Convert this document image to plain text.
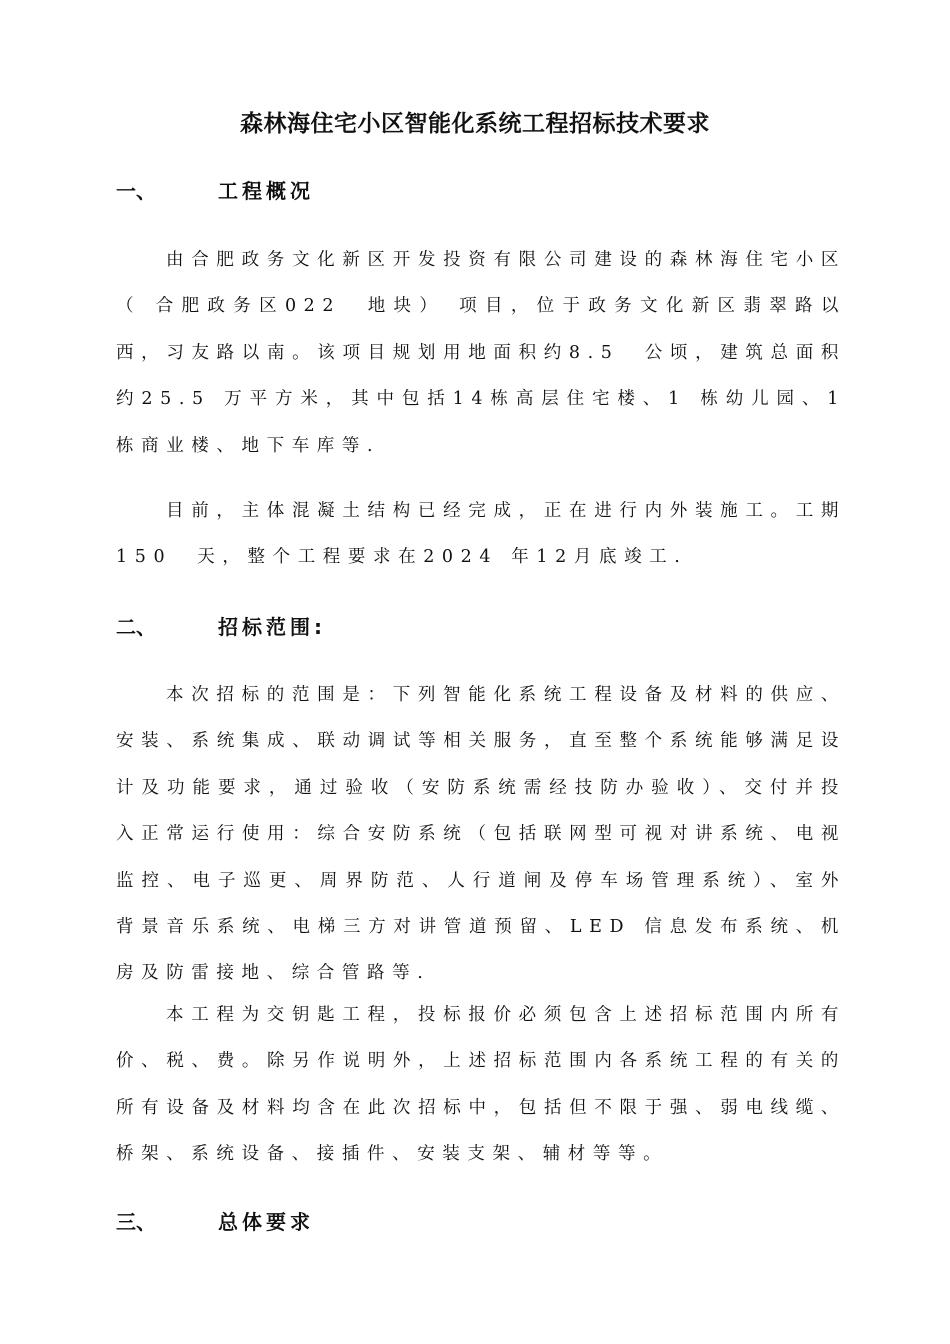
森林海住宅小区智能化系统工程招标技术要求
一、	工程概况
由合肥政务文化新区开发投资有限公司建设的森林海住宅小区（ 合肥政务区022　地块） 项目，位于政务文化新区翡翠路以西，习友路以南。该项目规划用地面积约8.5　公顷，建筑总面积约25.5 万平方米，其中包括14栋高层住宅楼、1 栋幼儿园、1 栋商业楼、地下车库等.
目前，主体混凝土结构已经完成，正在进行内外装施工。工期150　天，整个工程要求在2024 年12月底竣工.
二、	招标范围:
本次招标的范围是：下列智能化系统工程设备及材料的供应、安装、系统集成、联动调试等相关服务，直至整个系统能够满足设计及功能要求，通过验收（安防系统需经技防办验收）、交付并投入正常运行使用：综合安防系统（包括联网型可视对讲系统、电视监控、电子巡更、周界防范、人行道闸及停车场管理系统）、室外背景音乐系统、电梯三方对讲管道预留、LED 信息发布系统、机房及防雷接地、综合管路等.
本工程为交钥匙工程，投标报价必须包含上述招标范围内所有价、税、费。除另作说明外，上述招标范围内各系统工程的有关的所有设备及材料均含在此次招标中，包括但不限于强、弱电线缆、桥架、系统设备、接插件、安装支架、辅材等等。
三、	总体要求
